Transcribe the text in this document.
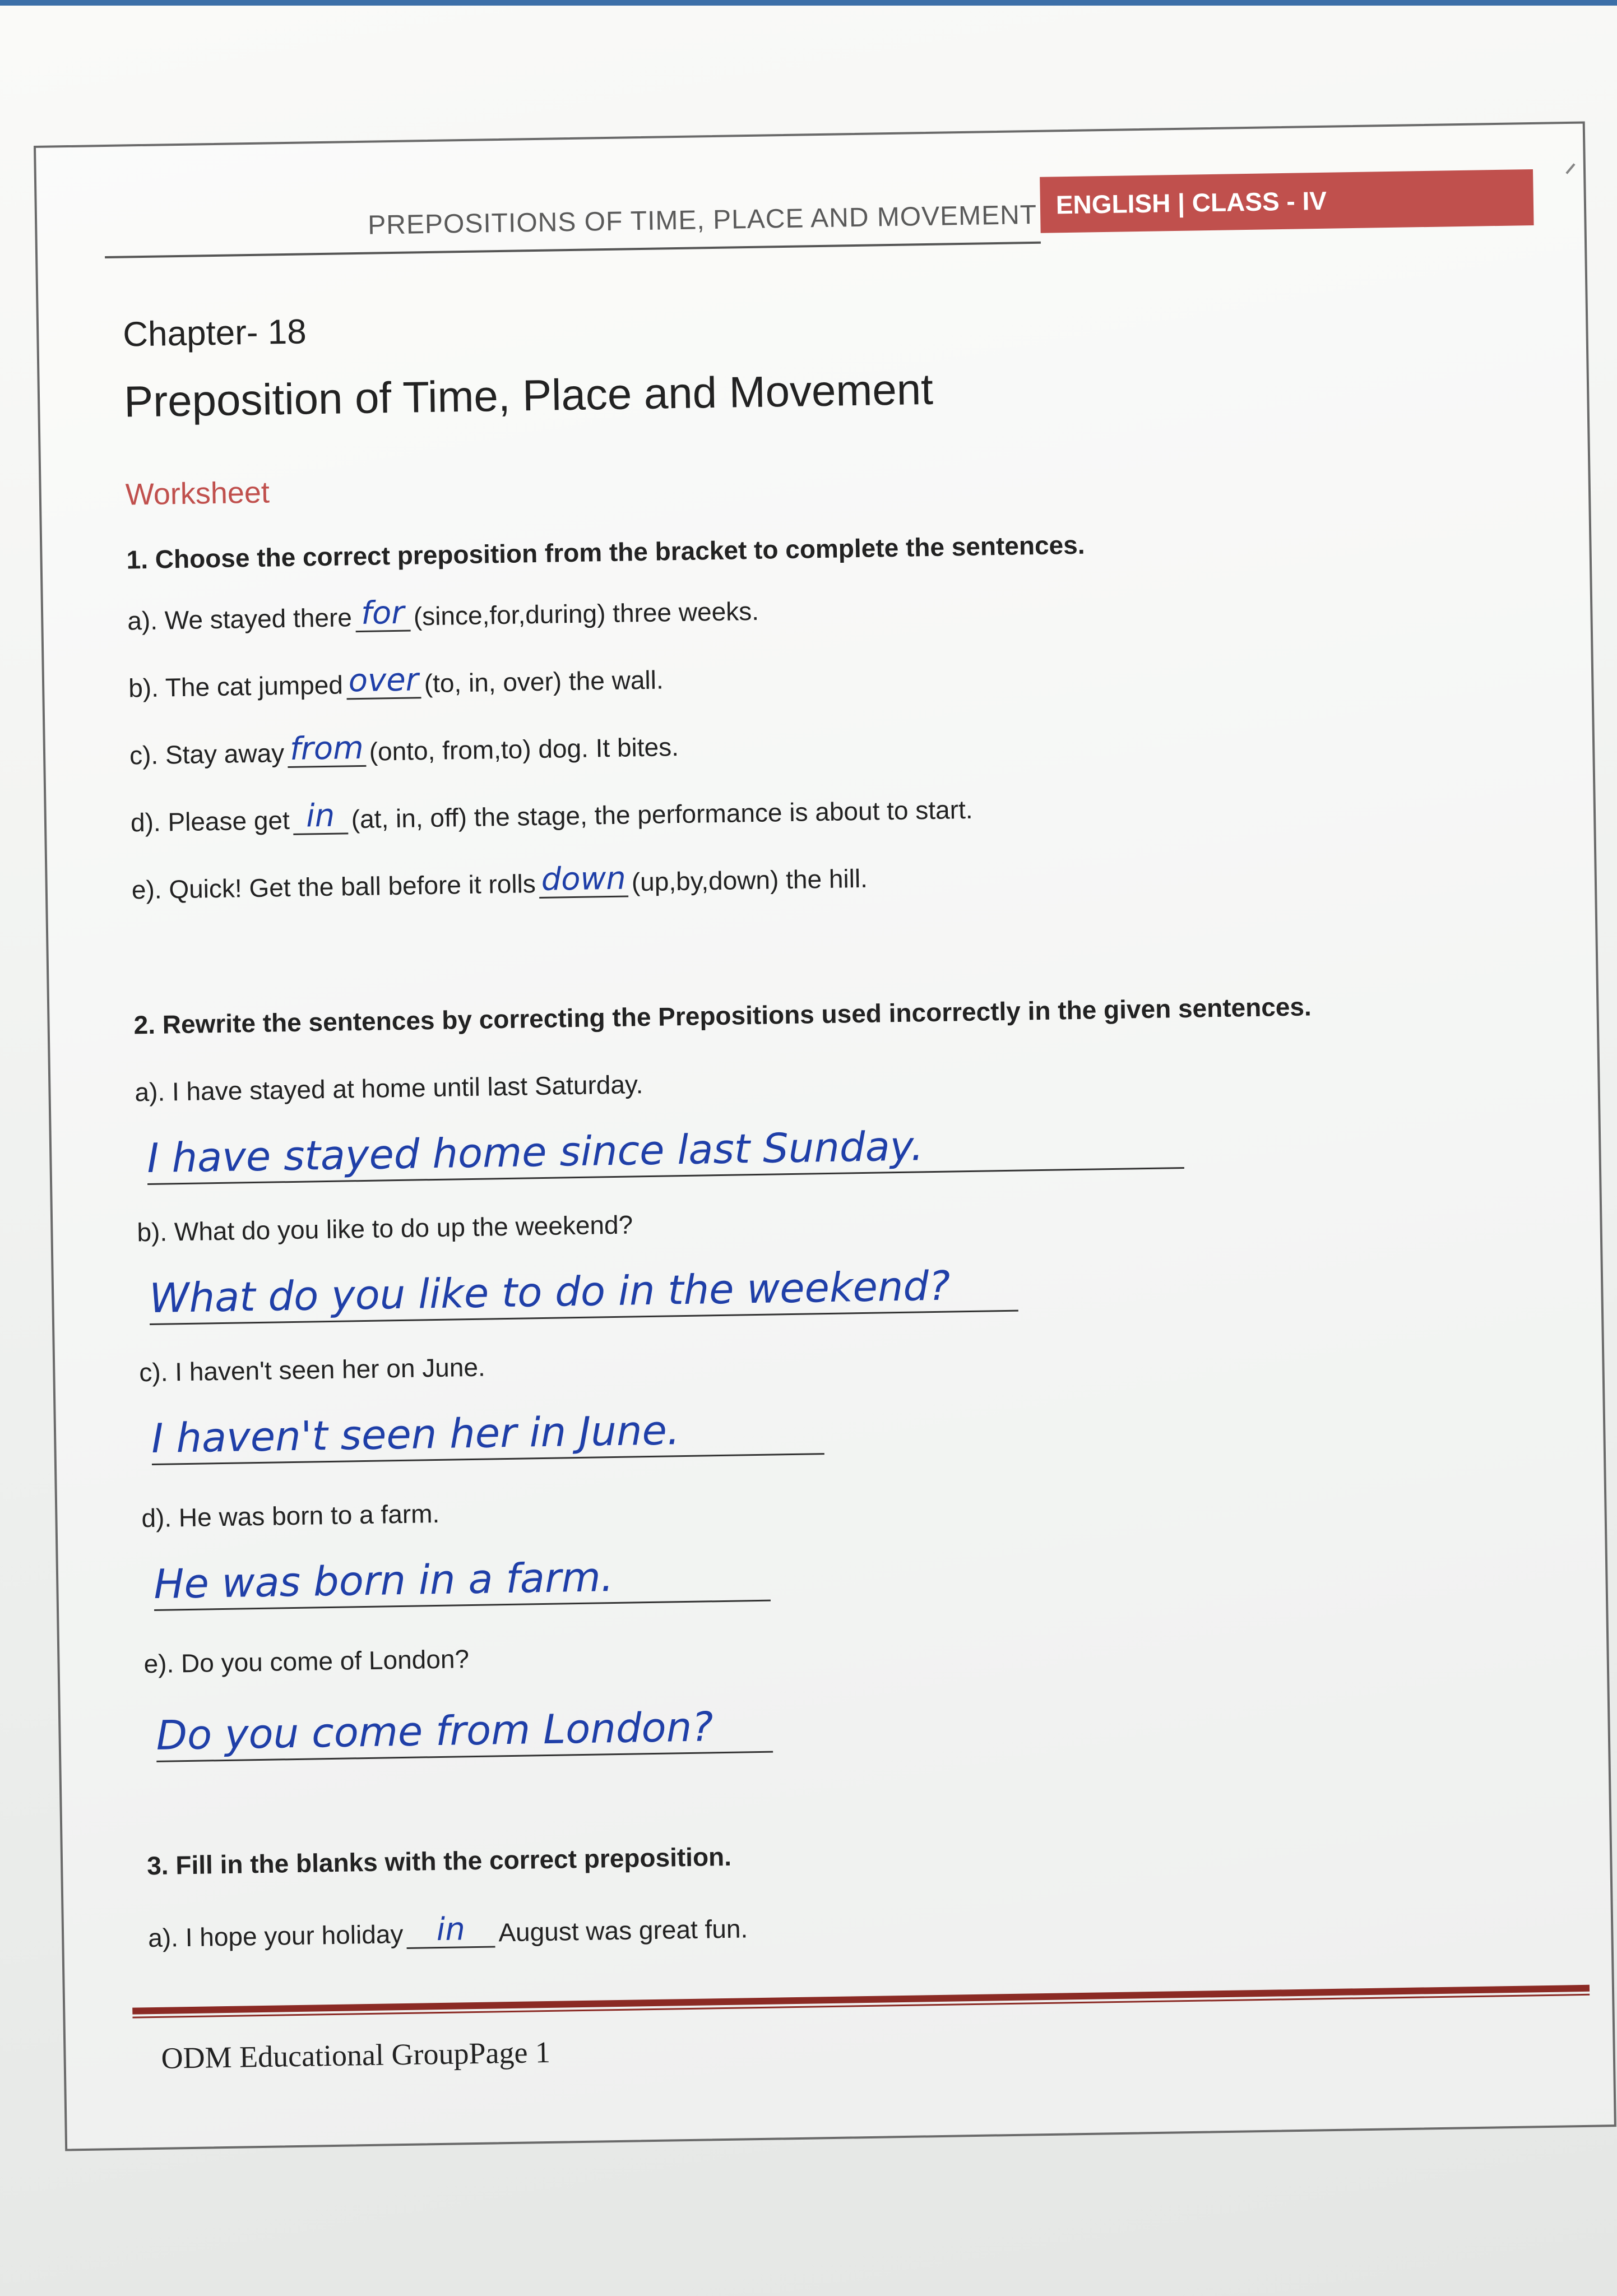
PREPOSITIONS OF TIME, PLACE AND MOVEMENT ENGLISH | CLASS - IV
Chapter- 18
Preposition of Time, Place and Movement
Worksheet
1. Choose the correct preposition from the bracket to complete the sentences.
a). We stayed there for (since,for,during) three weeks.
b). The cat jumped over (to, in, over) the wall.
c). Stay away from (onto, from,to) dog. It bites.
d). Please get in (at, in, off) the stage, the performance is about to start.
e). Quick! Get the ball before it rolls down (up,by,down) the hill.
2. Rewrite the sentences by correcting the Prepositions used incorrectly in the given sentences.
a). I have stayed at home until last Saturday.
I have stayed home since last Sunday.
b). What do you like to do up the weekend?
What do you like to do in the weekend?
c). I haven't seen her on June.
I haven't seen her in June.
d). He was born to a farm.
He was born in a farm.
e). Do you come of London?
Do you come from London?
3. Fill in the blanks with the correct preposition.
a). I hope your holiday	in	August was great fun.
ODM Educational GroupPage 1
